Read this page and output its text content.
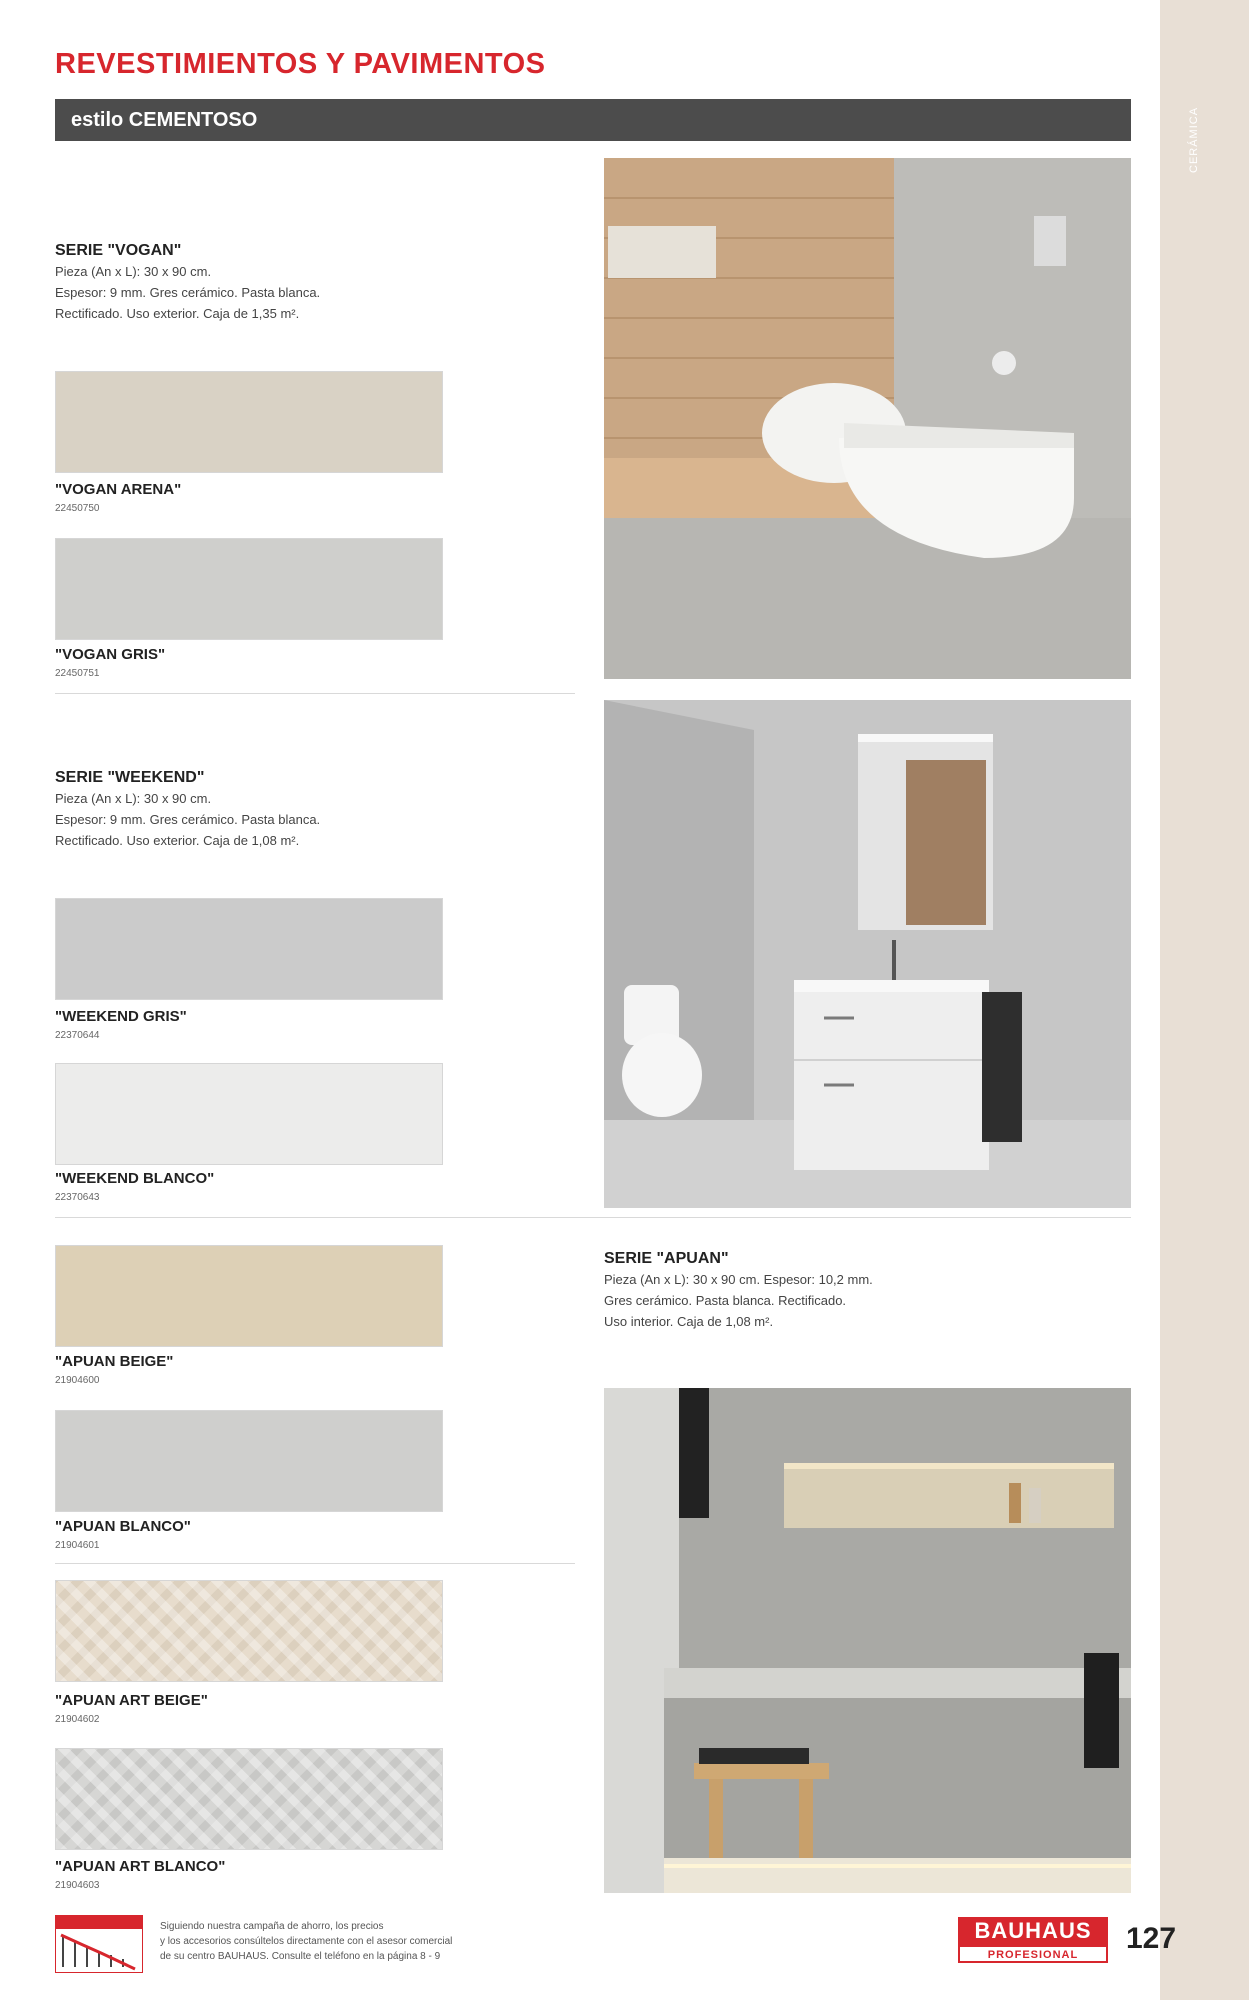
CERÁMICA
REVESTIMIENTOS Y PAVIMENTOS
estilo CEMENTOSO
SERIE "VOGAN"
Pieza (An x L): 30 x 90 cm.
Espesor: 9 mm. Gres cerámico. Pasta blanca.
Rectificado. Uso exterior. Caja de 1,35 m².
"VOGAN ARENA"
22450750
"VOGAN GRIS"
22450751
SERIE "WEEKEND"
Pieza (An x L): 30 x 90 cm.
Espesor: 9 mm. Gres cerámico. Pasta blanca.
Rectificado. Uso exterior. Caja de 1,08 m².
"WEEKEND GRIS"
22370644
"WEEKEND BLANCO"
22370643
"APUAN BEIGE"
21904600
"APUAN BLANCO"
21904601
"APUAN ART BEIGE"
21904602
"APUAN ART BLANCO"
21904603
SERIE "APUAN"
Pieza (An x L): 30 x 90 cm. Espesor: 10,2 mm.
Gres cerámico. Pasta blanca. Rectificado.
Uso interior. Caja de 1,08 m².
Siguiendo nuestra campaña de ahorro, los precios
y los accesorios consúltelos directamente con el asesor comercial
de su centro BAUHAUS. Consulte el teléfono en la página 8 - 9
BAUHAUS
PROFESIONAL	127
